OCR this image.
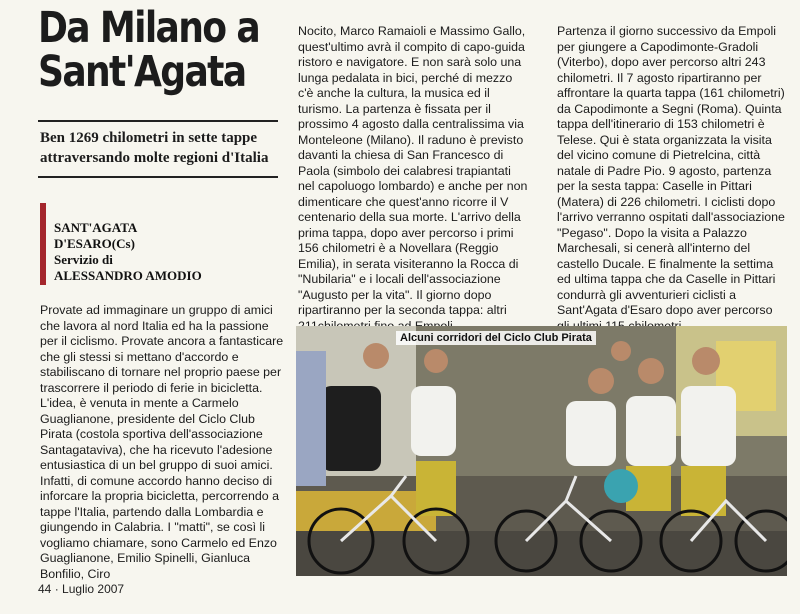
Da Milano a
Sant'Agata
Ben 1269 chilometri in sette tappe attraversando molte regioni d'Italia
SANT'AGATA
D'ESARO(Cs)
Servizio di
ALESSANDRO AMODIO

Provate ad immaginare un gruppo di amici che lavora al nord Italia ed ha la passione per il ciclismo. Provate ancora a fantasticare che gli stessi si mettano d'accordo e stabiliscano di tornare nel proprio paese per trascorrere il periodo di ferie in bicicletta. L'idea, è venuta in mente a Carmelo Guaglianone, presidente del Ciclo Club Pirata (costola sportiva dell'associazione Santagataviva), che ha ricevuto l'adesione entusiastica di un bel gruppo di suoi amici. Infatti, di comune accordo hanno deciso di inforcare la propria bicicletta, percorrendo a tappe l'Italia, partendo dalla Lombardia e giungendo in Calabria. I "matti", se così li vogliamo chiamare, sono Carmelo ed Enzo Guaglianone, Emilio Spinelli, Gianluca Bonfilio, Ciro

Nocito, Marco Ramaioli e Massimo Gallo, quest'ultimo avrà il compito di capo-guida ristoro e navigatore. E non sarà solo una lunga pedalata in bici, perché di mezzo c'è anche la cultura, la musica ed il turismo. La partenza è fissata per il prossimo 4 agosto dalla centralissima via Monteleone (Milano). Il raduno è previsto davanti la chiesa di San Francesco di Paola (simbolo dei calabresi trapiantati nel capoluogo lombardo) e anche per non dimenticare che quest'anno ricorre il V centenario della sua morte. L'arrivo della prima tappa, dopo aver percorso i primi 156 chilometri è a Novellara (Reggio Emilia), in serata visiteranno la Rocca di "Nubilaria" e i locali dell'associazione "Augusto per la vita". Il giorno dopo ripartiranno per la seconda tappa: altri

Partenza il giorno successivo da Empoli per giungere a Capodimonte-Gradoli (Viterbo), dopo aver percorso altri 243 chilometri. Il 7 agosto ripartiranno per affrontare la quarta tappa (161 chilometri) da Capodimonte a Segni (Roma). Quinta tappa dell'itinerario di 153 chilometri è Telese. Qui è stata organizzata la visita del vicino comune di Pietrelcina, città natale di Padre Pio. 9 agosto, partenza per la sesta tappa: Caselle in Pittari (Matera) di 226 chilometri. I ciclisti dopo l'arrivo verranno ospitati dall'associazione "Pegaso". Dopo la visita a Palazzo Marchesali, si cenerà all'interno del castello Ducale. E finalmente la settima ed ultima tappa che da Caselle in Pittari condurrà gli avventurieri ciclisti a Sant'Agata d'Esaro dopo aver percorso

Alcuni corridori del Ciclo Club Pirata
44 · Luglio 2007
